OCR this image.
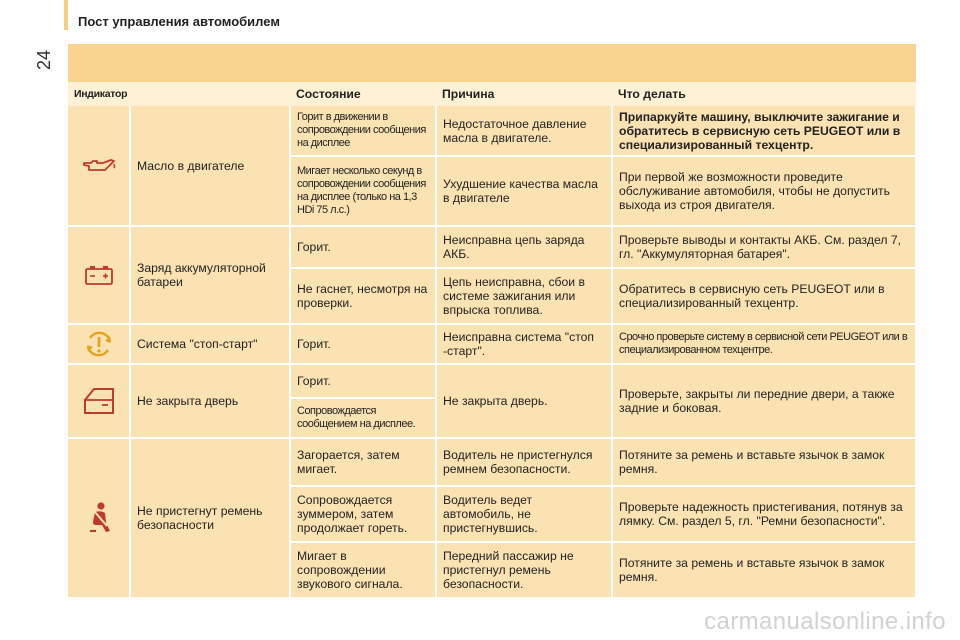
24
Пост управления автомобилем
Индикатор		Состояние	Причина	Что делать
	Масло в двигателе	Горит в движении в сопровождении сообщения на дисплее	Недостаточное давление масла в двигателе.	Припаркуйте машину, выключите зажигание и обратитесь в сервисную сеть PEUGEOT или в специализированный техцентр.
		Мигает несколько секунд в сопровождении сообщения на дисплее (только на 1,3 HDi 75 л.с.)	Ухудшение качества масла в двигателе	При первой же возможности проведите обслуживание автомобиля, чтобы не допустить выхода из строя двигателя.
	Заряд аккумуляторной батареи	Горит.	Неисправна цепь заряда АКБ.	Проверьте выводы и контакты АКБ. См. раздел 7, гл. "Аккумуляторная батарея".
		Не гаснет, несмотря на проверки.	Цепь неисправна, сбои в системе зажигания или впрыска топлива.	Обратитесь в сервисную сеть PEUGEOT или в специализированный техцентр.
	Система "стоп-старт"	Горит.	Неисправна система "стоп -старт".	Срочно проверьте систему в сервисной сети PEUGEOT или в специализированном техцентре.
	Не закрыта дверь	Горит.	Не закрыта дверь.	Проверьте, закрыты ли передние двери, а также задние и боковая.
		Сопровождается сообщением на дисплее.		
	Не пристегнут ремень безопасности	Загорается, затем мигает.	Водитель не пристегнулся ремнем безопасности.	Потяните за ремень и вставьте язычок в замок ремня.
		Сопровождается зуммером, затем продолжает гореть.	Водитель ведет автомобиль, не пристегнувшись.	Проверьте надежность пристегивания, потянув за лямку. См. раздел 5, гл. "Ремни безопасности".
		Мигает в сопровождении звукового сигнала.	Передний пассажир не пристегнул ремень безопасности.	Потяните за ремень и вставьте язычок в замок ремня.
carmanualsonline.info
